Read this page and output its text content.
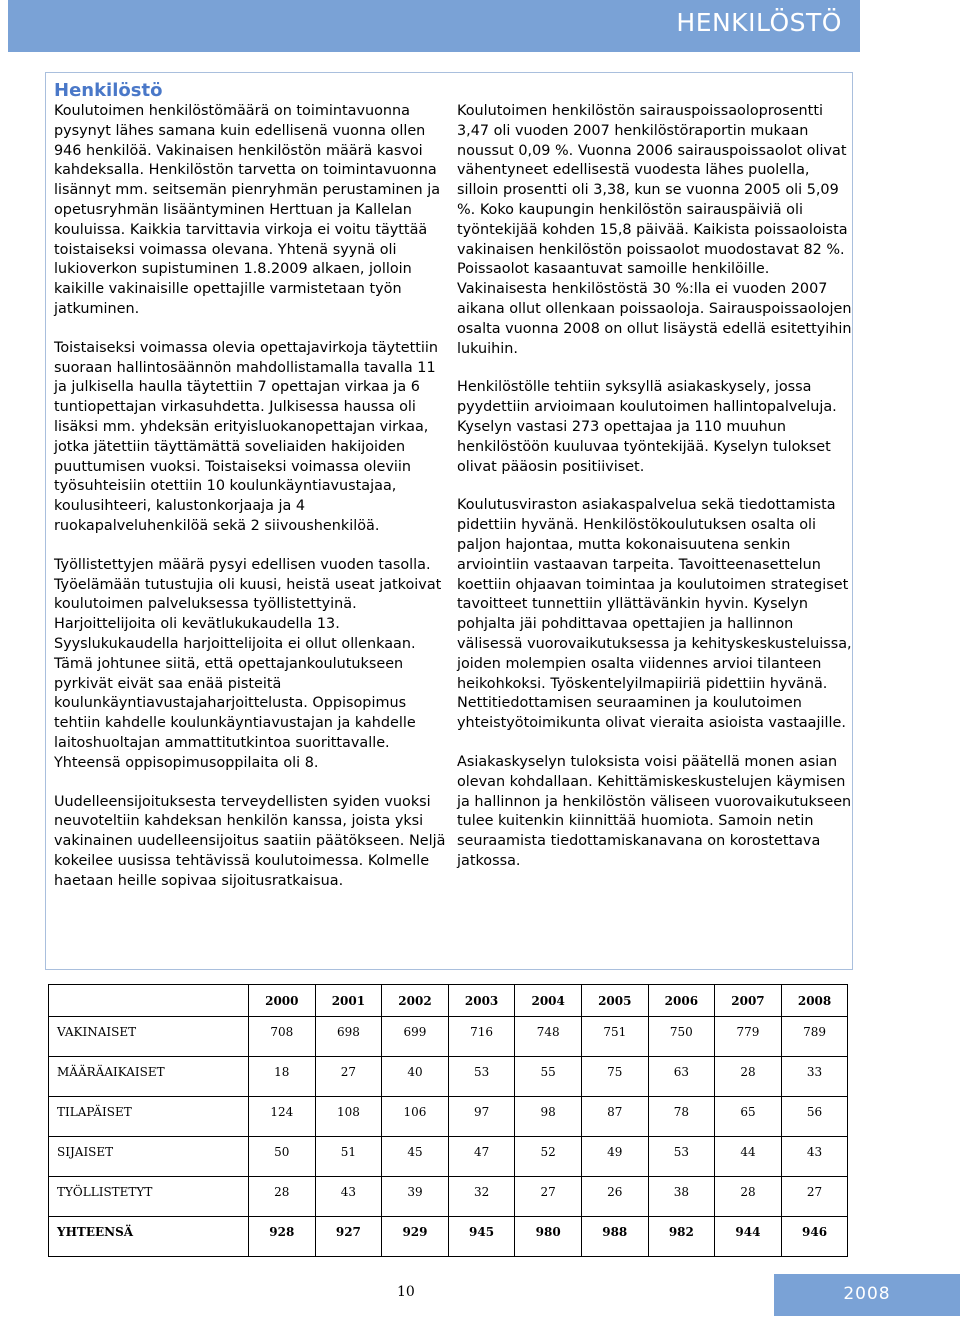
HENKILÖSTÖ
Henkilöstö

Koulutoimen henkilöstömäärä on toimintavuonna pysynyt lähes samana kuin edellisenä vuonna ollen 946 henkilöä. Vakinaisen henkilöstön määrä kasvoi kahdeksalla. Henkilöstön tarvetta on toimintavuonna lisännyt mm. seitsemän pienryhmän perustaminen ja opetusryhmän lisääntyminen Herttuan ja Kallelan kouluissa. Kaikkia tarvittavia virkoja ei voitu täyttää toistaiseksi voimassa olevana. Yhtenä syynä oli lukioverkon supistuminen 1.8.2009 alkaen, jolloin kaikille vakinaisille opettajille varmistetaan työn jatkuminen.

Toistaiseksi voimassa olevia opettajavirkoja täytettiin suoraan hallintosäännön mahdollistamalla tavalla 11 ja julkisella haulla täytettiin 7 opettajan virkaa ja 6 tuntiopettajan virkasuhdetta. Julkisessa haussa oli lisäksi mm. yhdeksän erityisluokanopettajan virkaa, jotka jätettiin täyttämättä soveliaiden hakijoiden puuttumisen vuoksi. Toistaiseksi voimassa oleviin työsuhteisiin otettiin 10 koulunkäyntiavustajaa, koulusihteeri, kalustonkorjaaja ja 4 ruokapalveluhenkilöä sekä 2 siivoushenkilöä.

Työllistettyjen määrä pysyi edellisen vuoden tasolla. Työelämään tutustujia oli kuusi, heistä useat jatkoivat koulutoimen palveluksessa työllistettyinä. Harjoittelijoita oli kevätlukukaudella 13. Syyslukukaudella harjoittelijoita ei ollut ollenkaan. Tämä johtunee siitä, että opettajankoulutukseen pyrkivät eivät saa enää pisteitä koulunkäyntiavustajaharjoittelusta. Oppisopimus tehtiin kahdelle koulunkäyntiavustajan ja kahdelle laitoshuoltajan ammattitutkintoa suorittavalle. Yhteensä oppisopimusoppilaita oli 8.

Uudelleensijoituksesta terveydellisten syiden vuoksi neuvoteltiin kahdeksan henkilön kanssa, joista yksi vakinainen uudelleensijoitus saatiin päätökseen. Neljä kokeilee uusissa tehtävissä koulutoimessa. Kolmelle haetaan heille sopivaa sijoitusratkaisua.

Koulutoimen henkilöstön sairauspoissaoloprosentti 3,47 oli vuoden 2007 henkilöstöraportin mukaan noussut 0,09 %. Vuonna 2006 sairauspoissaolot olivat vähentyneet edellisestä vuodesta lähes puolella, silloin prosentti oli 3,38, kun se vuonna 2005 oli 5,09 %. Koko kaupungin henkilöstön sairauspäiviä oli työntekijää kohden 15,8 päivää. Kaikista poissaoloista vakinaisen henkilöstön poissaolot muodostavat 82 %. Poissaolot kasaantuvat samoille henkilöille. Vakinaisesta henkilöstöstä 30 %:lla ei vuoden 2007 aikana ollut ollenkaan poissaoloja. Sairauspoissaolojen osalta vuonna 2008 on ollut lisäystä edellä esitettyihin lukuihin.

Henkilöstölle tehtiin syksyllä asiakaskysely, jossa pyydettiin arvioimaan koulutoimen hallintopalveluja. Kyselyn vastasi 273 opettajaa ja 110 muuhun henkilöstöön kuuluvaa työntekijää. Kyselyn tulokset olivat pääosin positiiviset.

Koulutusviraston asiakaspalvelua sekä tiedottamista pidettiin hyvänä. Henkilöstökoulutuksen osalta oli paljon hajontaa, mutta kokonaisuutena senkin arviointiin vastaavan tarpeita. Tavoitteenasettelun koettiin ohjaavan toimintaa ja koulutoimen strategiset tavoitteet tunnettiin yllättävänkin hyvin. Kyselyn pohjalta jäi pohdittavaa opettajien ja hallinnon välisessä vuorovaikutuksessa ja kehityskeskusteluissa, joiden molempien osalta viidennes arvioi tilanteen heikohkoksi. Työskentelyilmapiiriä pidettiin hyvänä. Nettitiedottamisen seuraaminen ja koulutoimen yhteistyötoimikunta olivat vieraita asioista vastaajille.

Asiakaskyselyn tuloksista voisi päätellä monen asian olevan kohdallaan. Kehittämiskeskustelujen käymisen ja hallinnon ja henkilöstön väliseen vuorovaikutukseen tulee kuitenkin kiinnittää huomiota. Samoin netin seuraamista tiedottamiskanavana on korostettava jatkossa.

	2000	2001	2002	2003	2004	2005	2006	2007	2008
VAKINAISET	708	698	699	716	748	751	750	779	789
MÄÄRÄAIKAISET	18	27	40	53	55	75	63	28	33
TILAPÄISET	124	108	106	97	98	87	78	65	56
SIJAISET	50	51	45	47	52	49	53	44	43
TYÖLLISTETYT	28	43	39	32	27	26	38	28	27
YHTEENSÄ	928	927	929	945	980	988	982	944	946
10	2008
